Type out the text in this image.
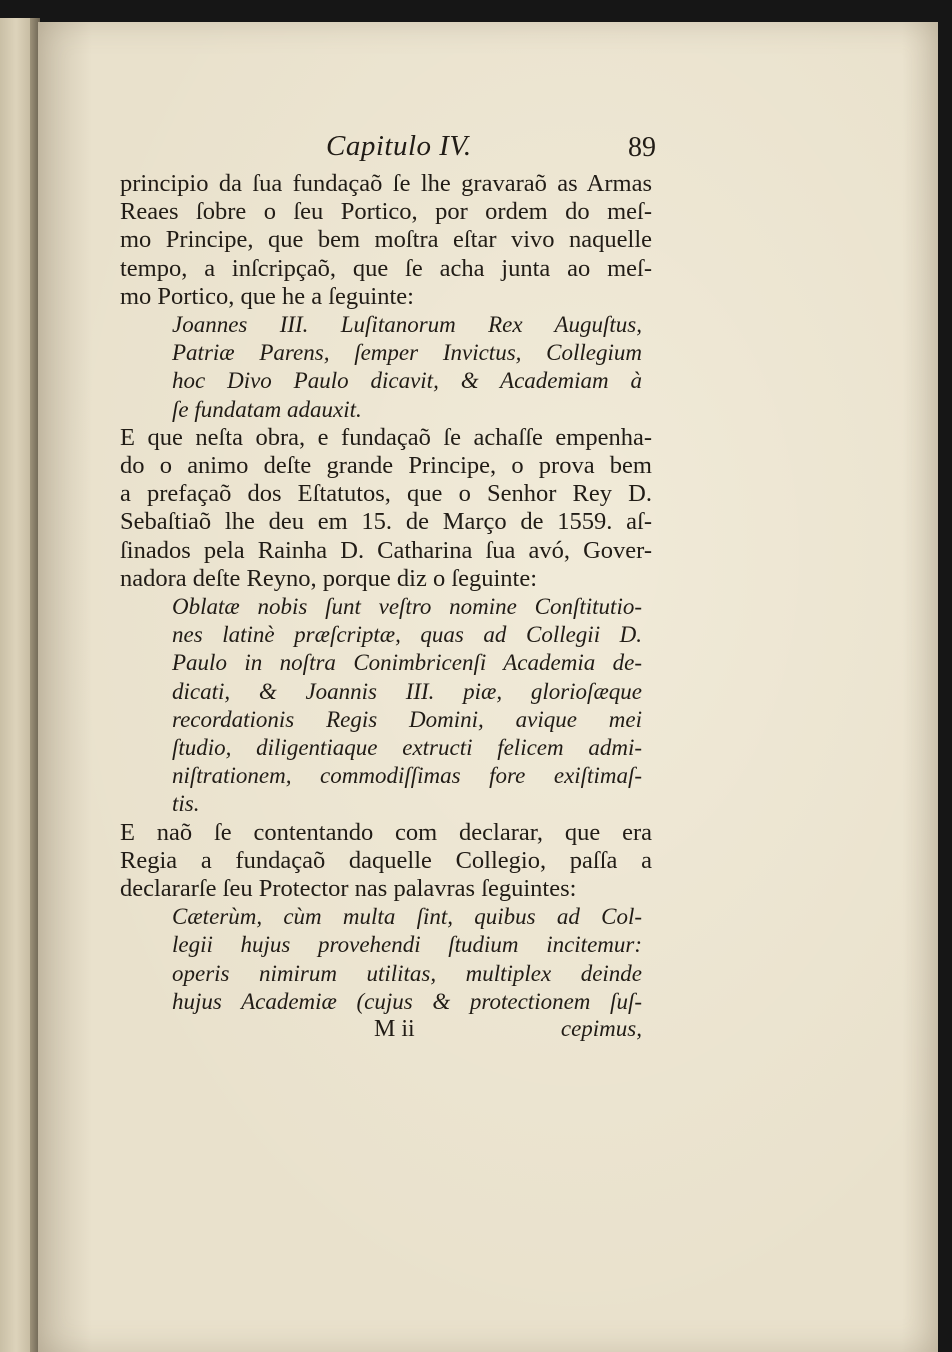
Capitulo IV.	89

principio da ſua fundaçaõ ſe lhe gravaraõ as Armas
Reaes ſobre o ſeu Portico, por ordem do meſ-
mo Principe, que bem moſtra eſtar vivo naquelle
tempo, a inſcripçaõ, que ſe acha junta ao meſ-
mo Portico, que he a ſeguinte:

Joannes III. Luſitanorum Rex Auguſtus,
Patriæ Parens, ſemper Invictus, Collegium
hoc Divo Paulo dicavit, & Academiam à
ſe fundatam adauxit.

E que neſta obra, e fundaçaõ ſe achaſſe empenha-
do o animo deſte grande Principe, o prova bem
a prefaçaõ dos Eſtatutos, que o Senhor Rey D.
Sebaſtiaõ lhe deu em 15. de Março de 1559. aſ-
ſinados pela Rainha D. Catharina ſua avó, Gover-
nadora deſte Reyno, porque diz o ſeguinte:

Oblatæ nobis ſunt veſtro nomine Conſtitutio-
nes latinè præſcriptæ, quas ad Collegii D.
Paulo in noſtra Conimbricenſi Academia de-
dicati, & Joannis III. piæ, glorioſæque
recordationis Regis Domini, avique mei
ſtudio, diligentiaque extructi felicem admi-
niſtrationem, commodiſſimas fore exiſtimaſ-
tis.

E naõ ſe contentando com declarar, que era
Regia a fundaçaõ daquelle Collegio, paſſa a
declararſe ſeu Protector nas palavras ſeguintes:

Cæterùm, cùm multa ſint, quibus ad Col-
legii hujus provehendi ſtudium incitemur:
operis nimirum utilitas, multiplex deinde
hujus Academiæ (cujus & protectionem ſuſ-

M ii	cepimus,
